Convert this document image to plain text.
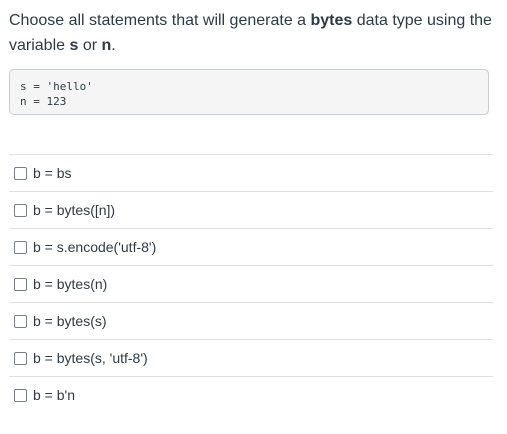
Choose all statements that will generate a bytes data type using the variable s or n.
s = 'hello'
n = 123
b = bs
b = bytes([n])
b = s.encode('utf-8')
b = bytes(n)
b = bytes(s)
b = bytes(s, 'utf-8')
b = b'n
